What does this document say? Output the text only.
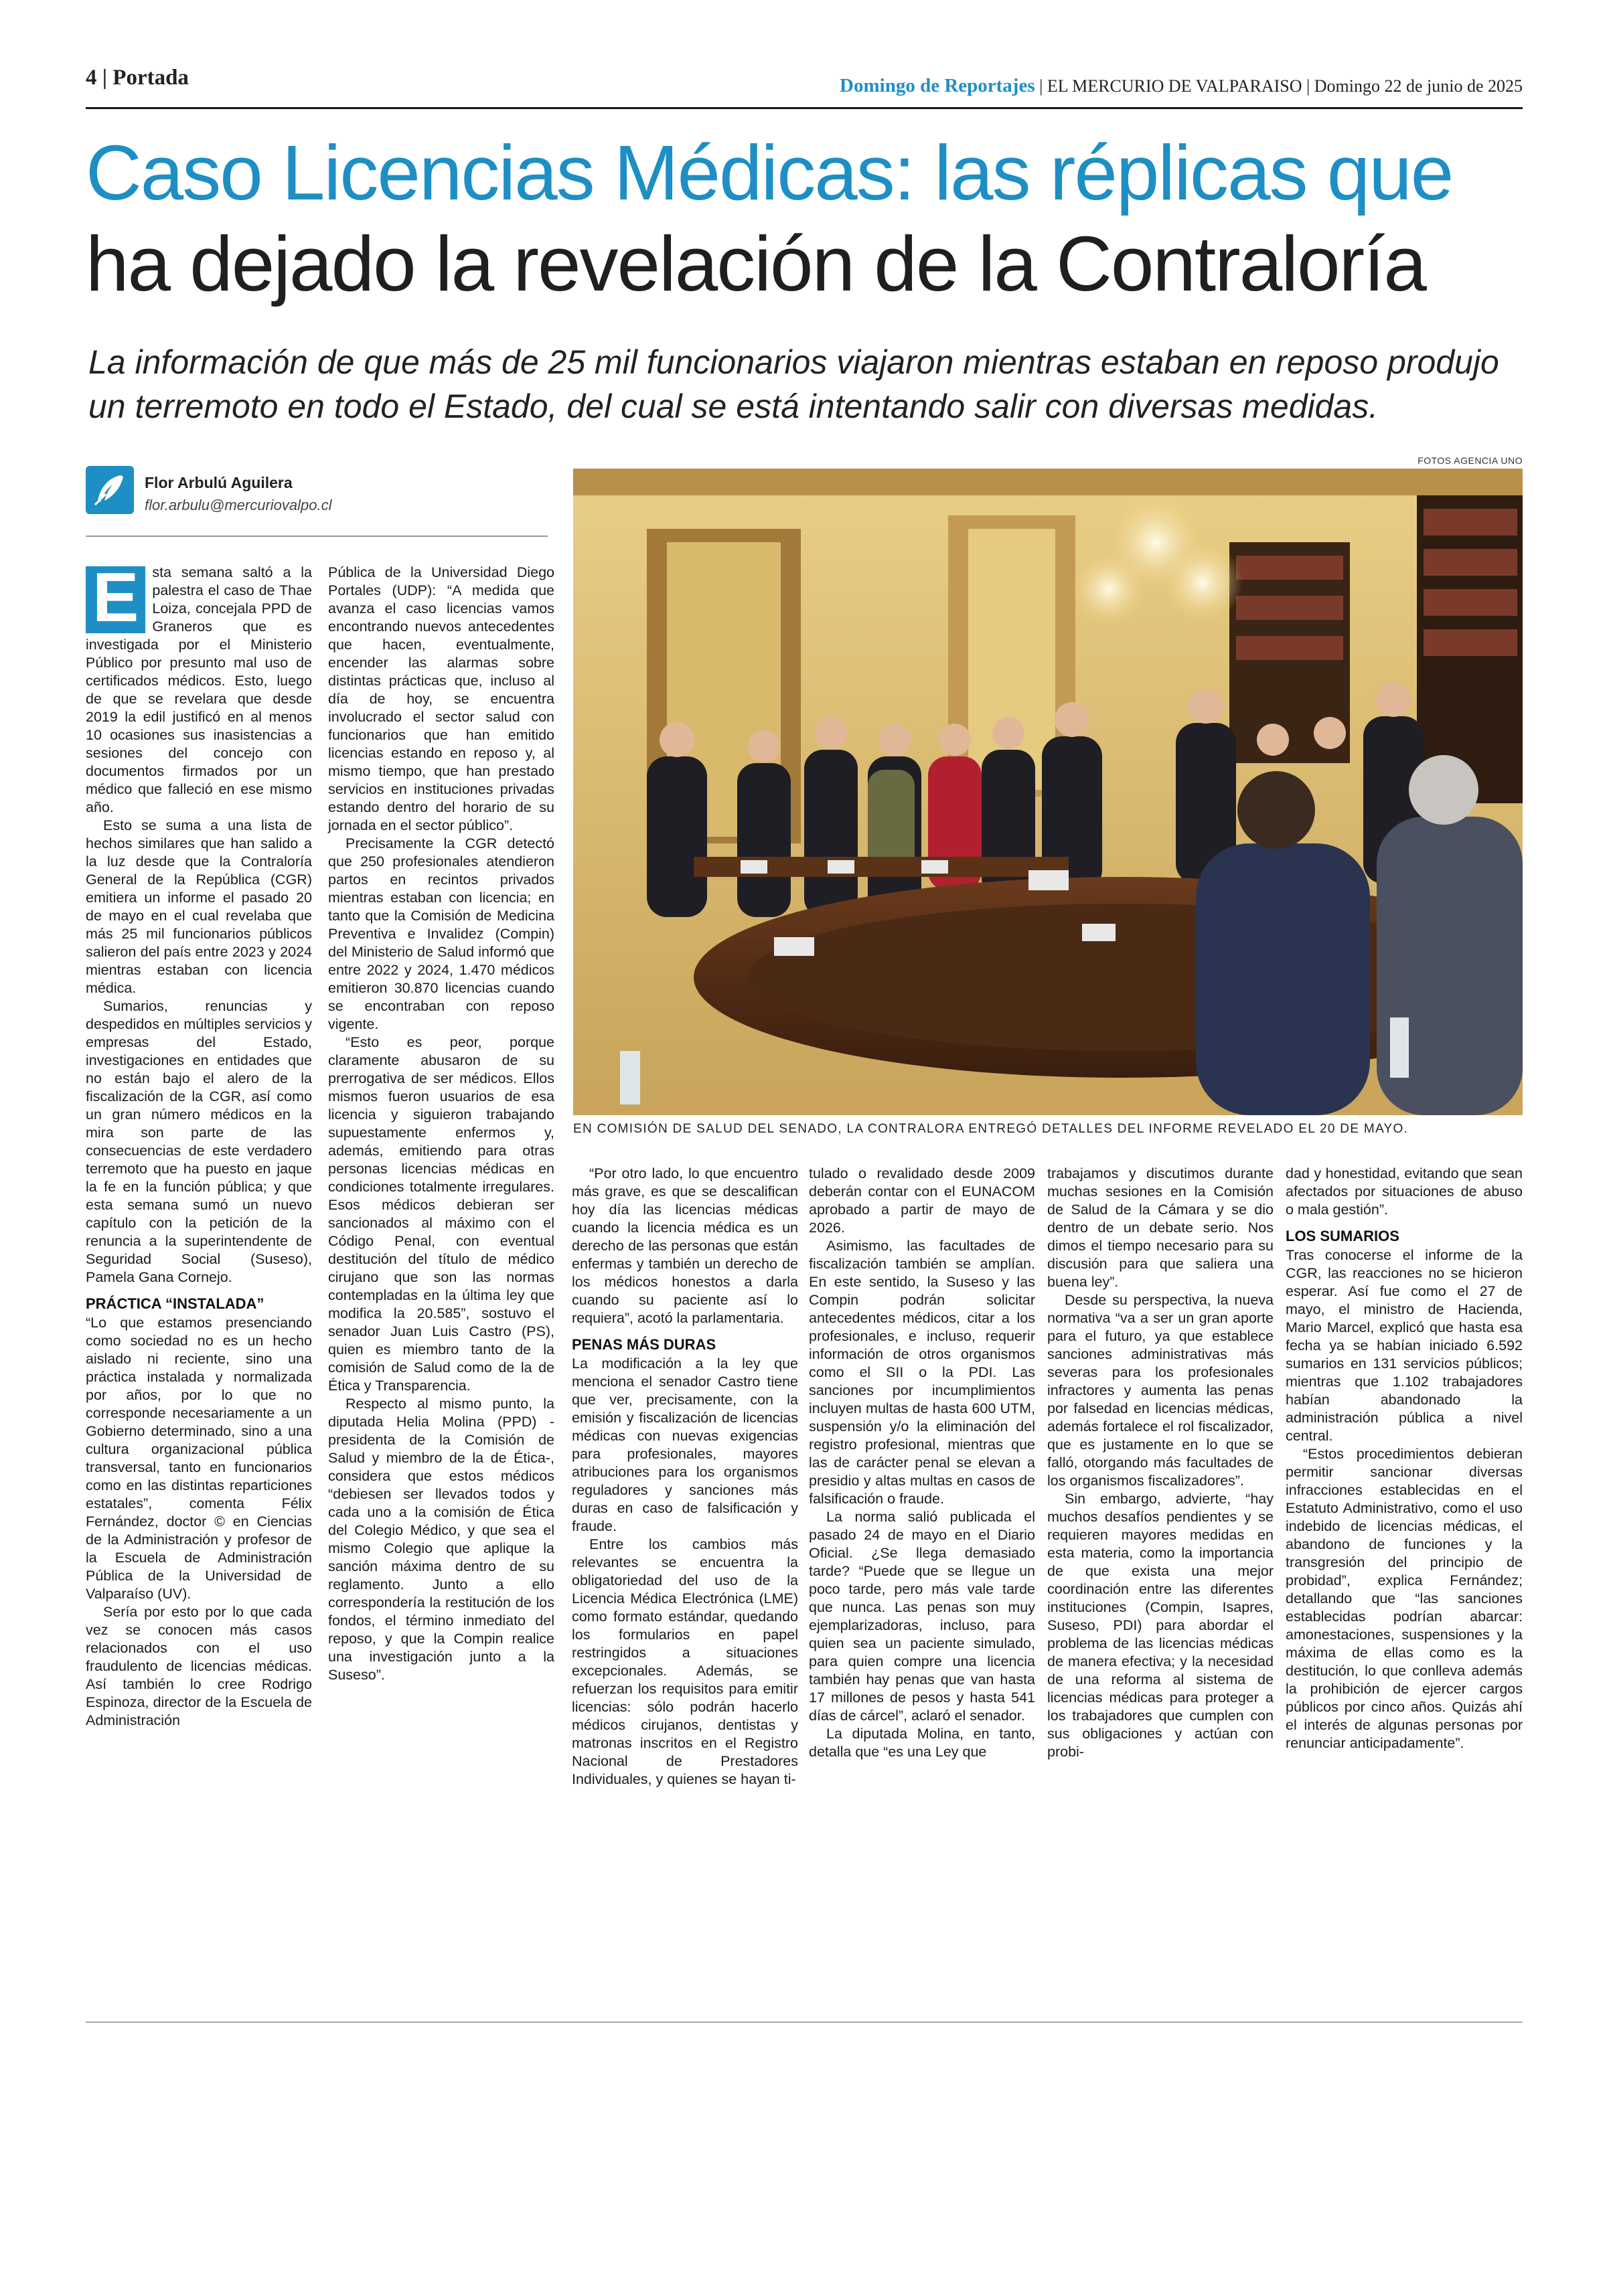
4 | Portada	Domingo de Reportajes | EL MERCURIO DE VALPARAISO | Domingo 22 de junio de 2025
Caso Licencias Médicas: las réplicas que
ha dejado la revelación de la Contraloría

La información de que más de 25 mil funcionarios viajaron mientras estaban en reposo produjo un terremoto en todo el Estado, del cual se está intentando salir con diversas medidas.

Flor Arbulú Aguilera
flor.arbulu@mercuriovalpo.cl
FOTOS AGENCIA UNO
EN COMISIÓN DE SALUD DEL SENADO, LA CONTRALORA ENTREGÓ DETALLES DEL INFORME REVELADO EL 20 DE MAYO.

E sta semana saltó a la palestra el caso de Thae Loiza, concejala PPD de Graneros que es investigada por el Ministerio Público por presunto mal uso de certificados médicos. Esto, luego de que se revelara que desde 2019 la edil justificó en al menos 10 ocasiones sus inasistencias a sesiones del concejo con documentos firmados por un médico que falleció en ese mismo año.

Esto se suma a una lista de hechos similares que han salido a la luz desde que la Contraloría General de la República (CGR) emitiera un informe el pasado 20 de mayo en el cual revelaba que más 25 mil funcionarios públicos salieron del país entre 2023 y 2024 mientras estaban con licencia médica.

Sumarios, renuncias y despedidos en múltiples servicios y empresas del Estado, investigaciones en entidades que no están bajo el alero de la fiscalización de la CGR, así como un gran número médicos en la mira son parte de las consecuencias de este verdadero terremoto que ha puesto en jaque la fe en la función pública; y que esta semana sumó un nuevo capítulo con la petición de la renuncia a la superintendente de Seguridad Social (Suseso), Pamela Gana Cornejo.

PRÁCTICA “INSTALADA”

“Lo que estamos presenciando como sociedad no es un hecho aislado ni reciente, sino una práctica instalada y normalizada por años, por lo que no corresponde necesariamente a un Gobierno determinado, sino a una cultura organizacional pública transversal, tanto en funcionarios como en las distintas reparticiones estatales”, comenta Félix Fernández, doctor © en Ciencias de la Administración y profesor de la Escuela de Administración Pública de la Universidad de Valparaíso (UV).

Sería por esto por lo que cada vez se conocen más casos relacionados con el uso fraudulento de licencias médicas. Así también lo cree Rodrigo Espinoza, director de la Escuela de Administración

Pública de la Universidad Diego Portales (UDP): “A medida que avanza el caso licencias vamos encontrando nuevos antecedentes que hacen, eventualmente, encender las alarmas sobre distintas prácticas que, incluso al día de hoy, se encuentra involucrado el sector salud con funcionarios que han emitido licencias estando en reposo y, al mismo tiempo, que han prestado servicios en instituciones privadas estando dentro del horario de su jornada en el sector público”.

Precisamente la CGR detectó que 250 profesionales atendieron partos en recintos privados mientras estaban con licencia; en tanto que la Comisión de Medicina Preventiva e Invalidez (Compin) del Ministerio de Salud informó que entre 2022 y 2024, 1.470 médicos emitieron 30.870 licencias cuando se encontraban con reposo vigente.

“Esto es peor, porque claramente abusaron de su prerrogativa de ser médicos. Ellos mismos fueron usuarios de esa licencia y siguieron trabajando supuestamente enfermos y, además, emitiendo para otras personas licencias médicas en condiciones totalmente irregulares. Esos médicos debieran ser sancionados al máximo con el Código Penal, con eventual destitución del título de médico cirujano que son las normas contempladas en la última ley que modifica la 20.585”, sostuvo el senador Juan Luis Castro (PS), quien es miembro tanto de la comisión de Salud como de la de Ética y Transparencia.

Respecto al mismo punto, la diputada Helia Molina (PPD) -presidenta de la Comisión de Salud y miembro de la de Ética-, considera que estos médicos “debiesen ser llevados todos y cada uno a la comisión de Ética del Colegio Médico, y que sea el mismo Colegio que aplique la sanción máxima dentro de su reglamento. Junto a ello correspondería la restitución de los fondos, el término inmediato del reposo, y que la Compin realice una investigación junto a la Suseso”.

“Por otro lado, lo que encuentro más grave, es que se descalifican hoy día las licencias médicas cuando la licencia médica es un derecho de las personas que están enfermas y también un derecho de los médicos honestos a darla cuando su paciente así lo requiera”, acotó la parlamentaria.

PENAS MÁS DURAS

La modificación a la ley que menciona el senador Castro tiene que ver, precisamente, con la emisión y fiscalización de licencias médicas con nuevas exigencias para profesionales, mayores atribuciones para los organismos reguladores y sanciones más duras en caso de falsificación y fraude.

Entre los cambios más relevantes se encuentra la obligatoriedad del uso de la Licencia Médica Electrónica (LME) como formato estándar, quedando los formularios en papel restringidos a situaciones excepcionales. Además, se refuerzan los requisitos para emitir licencias: sólo podrán hacerlo médicos cirujanos, dentistas y matronas inscritos en el Registro Nacional de Prestadores Individuales, y quienes se hayan ti-

tulado o revalidado desde 2009 deberán contar con el EUNACOM aprobado a partir de mayo de 2026.

Asimismo, las facultades de fiscalización también se amplían. En este sentido, la Suseso y las Compin podrán solicitar antecedentes médicos, citar a los profesionales, e incluso, requerir información de otros organismos como el SII o la PDI. Las sanciones por incumplimientos incluyen multas de hasta 600 UTM, suspensión y/o la eliminación del registro profesional, mientras que las de carácter penal se elevan a presidio y altas multas en casos de falsificación o fraude.

La norma salió publicada el pasado 24 de mayo en el Diario Oficial. ¿Se llega demasiado tarde? “Puede que se llegue un poco tarde, pero más vale tarde que nunca. Las penas son muy ejemplarizadoras, incluso, para quien sea un paciente simulado, para quien compre una licencia también hay penas que van hasta 17 millones de pesos y hasta 541 días de cárcel”, aclaró el senador.

La diputada Molina, en tanto, detalla que “es una Ley que

trabajamos y discutimos durante muchas sesiones en la Comisión de Salud de la Cámara y se dio dentro de un debate serio. Nos dimos el tiempo necesario para su discusión para que saliera una buena ley”.

Desde su perspectiva, la nueva normativa “va a ser un gran aporte para el futuro, ya que establece sanciones administrativas más severas para los profesionales infractores y aumenta las penas por falsedad en licencias médicas, además fortalece el rol fiscalizador, que es justamente en lo que se falló, otorgando más facultades de los organismos fiscalizadores”.

Sin embargo, advierte, “hay muchos desafíos pendientes y se requieren mayores medidas en esta materia, como la importancia de que exista una mejor coordinación entre las diferentes instituciones (Compin, Isapres, Suseso, PDI) para abordar el problema de las licencias médicas de manera efectiva; y la necesidad de una reforma al sistema de licencias médicas para proteger a los trabajadores que cumplen con sus obligaciones y actúan con probi-

dad y honestidad, evitando que sean afectados por situaciones de abuso o mala gestión”.

LOS SUMARIOS

Tras conocerse el informe de la CGR, las reacciones no se hicieron esperar. Así fue como el 27 de mayo, el ministro de Hacienda, Mario Marcel, explicó que hasta esa fecha ya se habían iniciado 6.592 sumarios en 131 servicios públicos; mientras que 1.102 trabajadores habían abandonado la administración pública a nivel central.

“Estos procedimientos debieran permitir sancionar diversas infracciones establecidas en el Estatuto Administrativo, como el uso indebido de licencias médicas, el abandono de funciones y la transgresión del principio de probidad”, explica Fernández; detallando que “las sanciones establecidas podrían abarcar: amonestaciones, suspensiones y la máxima de ellas como es la destitución, lo que conlleva además la prohibición de ejercer cargos públicos por cinco años. Quizás ahí el interés de algunas personas por renunciar anticipadamente”.
